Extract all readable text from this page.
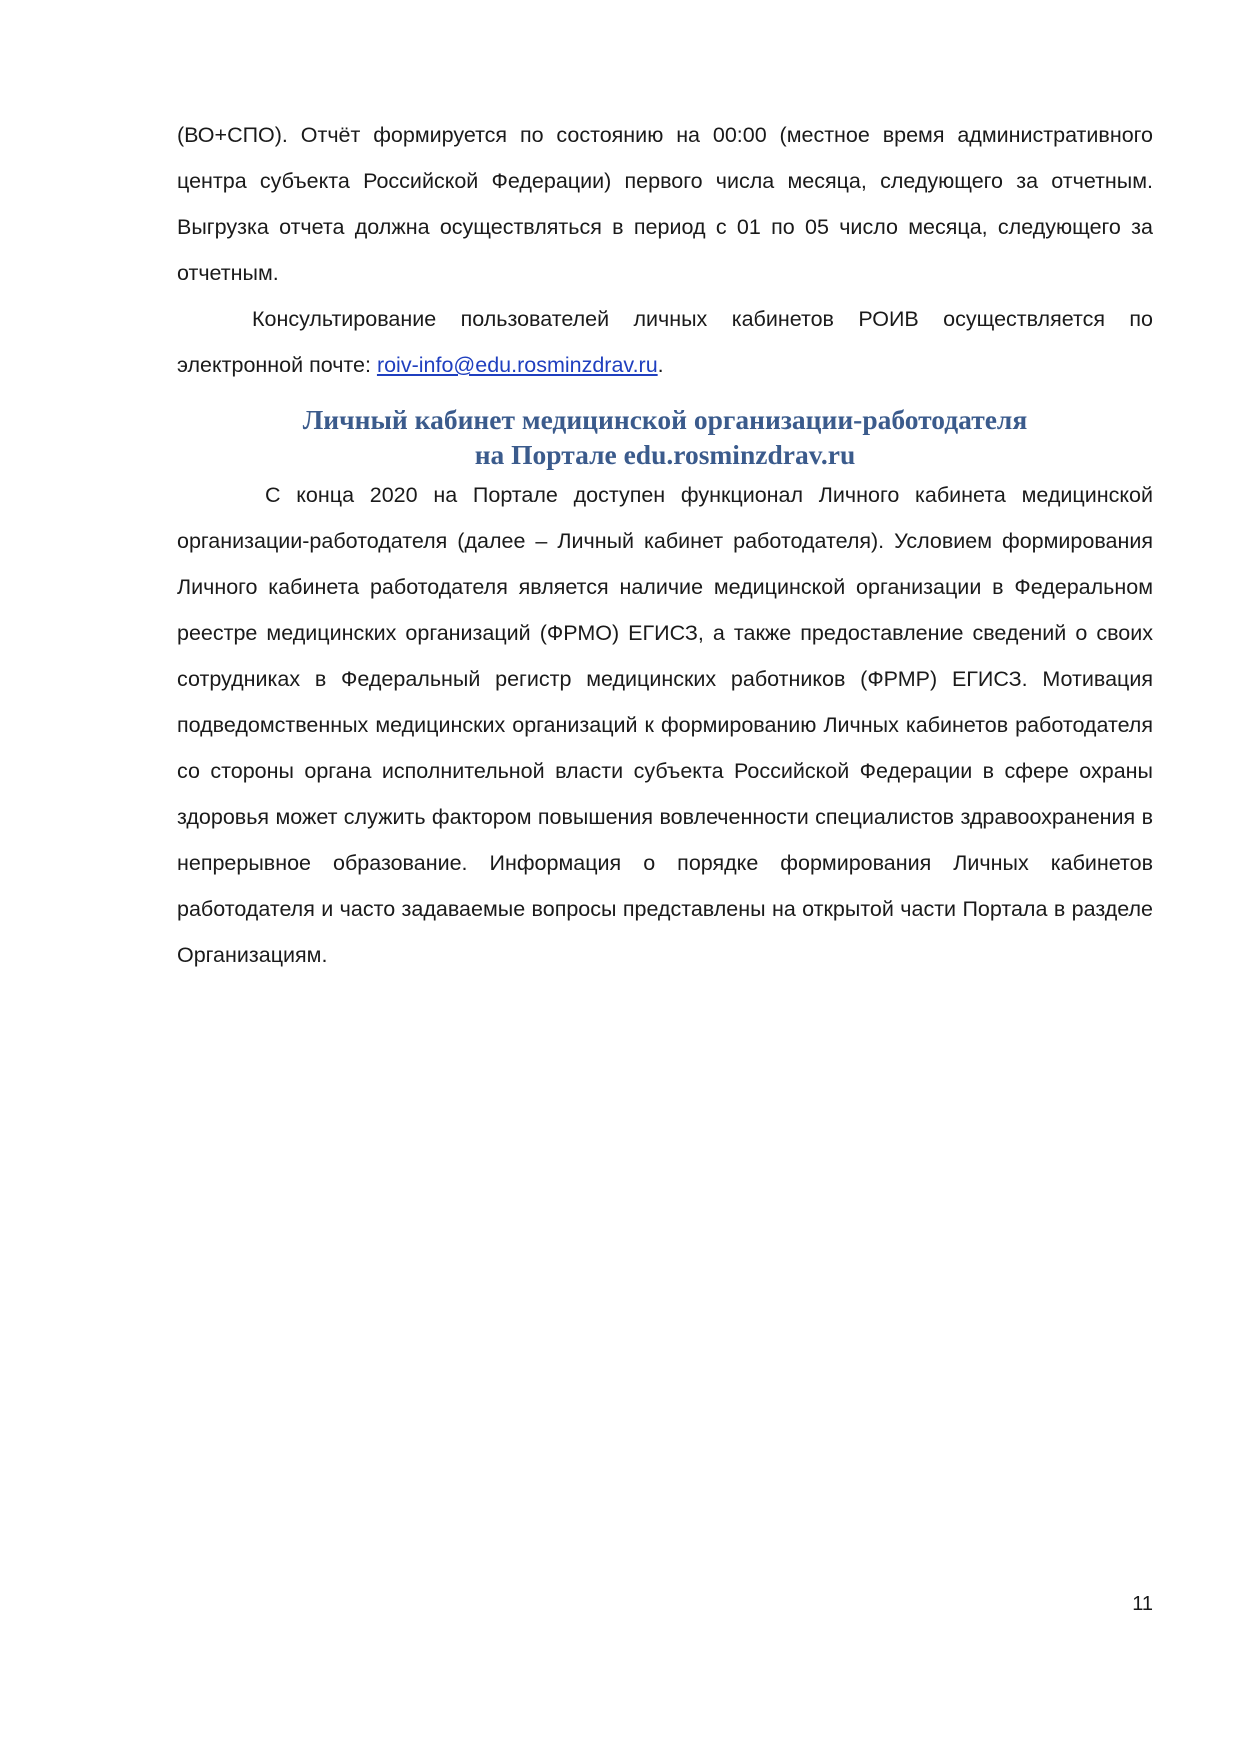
(ВО+СПО). Отчёт формируется по состоянию на 00:00 (местное время административного центра субъекта Российской Федерации) первого числа месяца, следующего за отчетным. Выгрузка отчета должна осуществляться в период с 01 по 05 число месяца, следующего за отчетным.

Консультирование пользователей личных кабинетов РОИВ осуществляется по электронной почте: roiv-info@edu.rosminzdrav.ru.

Личный кабинет медицинской организации-работодателя
на Портале edu.rosminzdrav.ru

С конца 2020 на Портале доступен функционал Личного кабинета медицинской организации-работодателя (далее – Личный кабинет работодателя). Условием формирования Личного кабинета работодателя является наличие медицинской организации в Федеральном реестре медицинских организаций (ФРМО) ЕГИСЗ, а также предоставление сведений о своих сотрудниках в Федеральный регистр медицинских работников (ФРМР) ЕГИСЗ. Мотивация подведомственных медицинских организаций к формированию Личных кабинетов работодателя со стороны органа исполнительной власти субъекта Российской Федерации в сфере охраны здоровья может служить фактором повышения вовлеченности специалистов здравоохранения в непрерывное образование. Информация о порядке формирования Личных кабинетов работодателя и часто задаваемые вопросы представлены на открытой части Портала в разделе Организациям.

11
